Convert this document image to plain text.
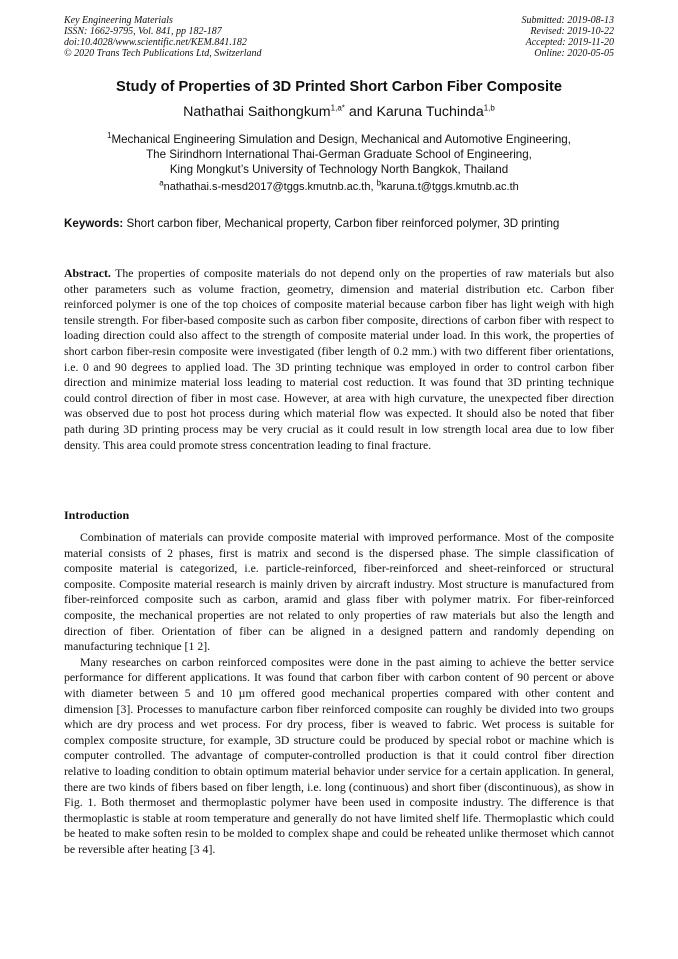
Key Engineering Materials
ISSN: 1662-9795, Vol. 841, pp 182-187
doi:10.4028/www.scientific.net/KEM.841.182
© 2020 Trans Tech Publications Ltd, Switzerland
Submitted: 2019-08-13
Revised: 2019-10-22
Accepted: 2019-11-20
Online: 2020-05-05
Study of Properties of 3D Printed Short Carbon Fiber Composite
Nathathai Saithongkum$^{1,a*}$ and Karuna Tuchinda$^{1,b}$
$^1$Mechanical Engineering Simulation and Design, Mechanical and Automotive Engineering,
The Sirindhorn International Thai-German Graduate School of Engineering,
King Mongkut’s University of Technology North Bangkok, Thailand
$^a$nathathai.s-mesd2017@tggs.kmutnb.ac.th, $^b$karuna.t@tggs.kmutnb.ac.th
Keywords: Short carbon fiber, Mechanical property, Carbon fiber reinforced polymer, 3D printing
Abstract. The properties of composite materials do not depend only on the properties of raw materials but also other parameters such as volume fraction, geometry, dimension and material distribution etc. Carbon fiber reinforced polymer is one of the top choices of composite material because carbon fiber has light weigh with high tensile strength. For fiber-based composite such as carbon fiber composite, directions of carbon fiber with respect to loading direction could also affect to the strength of composite material under load. In this work, the properties of short carbon fiber-resin composite were investigated (fiber length of 0.2 mm.) with two different fiber orientations, i.e. 0 and 90 degrees to applied load. The 3D printing technique was employed in order to control carbon fiber direction and minimize material loss leading to material cost reduction. It was found that 3D printing technique could control direction of fiber in most case. However, at area with high curvature, the unexpected fiber direction was observed due to post hot process during which material flow was expected. It should also be noted that fiber path during 3D printing process may be very crucial as it could result in low strength local area due to low fiber density. This area could promote stress concentration leading to final fracture.
Introduction

Combination of materials can provide composite material with improved performance. Most of the composite material consists of 2 phases, first is matrix and second is the dispersed phase. The simple classification of composite material is categorized, i.e. particle-reinforced, fiber-reinforced and sheet-reinforced or structural composite. Composite material research is mainly driven by aircraft industry. Most structure is manufactured from fiber-reinforced composite such as carbon, aramid and glass fiber with polymer matrix. For fiber-reinforced composite, the mechanical properties are not related to only properties of raw materials but also the length and direction of fiber. Orientation of fiber can be aligned in a designed pattern and randomly depending on manufacturing technique [1 2].

Many researches on carbon reinforced composites were done in the past aiming to achieve the better service performance for different applications. It was found that carbon fiber with carbon content of 90 percent or above with diameter between 5 and 10 µm offered good mechanical properties compared with other content and dimension [3]. Processes to manufacture carbon fiber reinforced composite can roughly be divided into two groups which are dry process and wet process. For dry process, fiber is weaved to fabric. Wet process is suitable for complex composite structure, for example, 3D structure could be produced by special robot or machine which is computer controlled. The advantage of computer-controlled production is that it could control fiber direction relative to loading condition to obtain optimum material behavior under service for a certain application. In general, there are two kinds of fibers based on fiber length, i.e. long (continuous) and short fiber (discontinuous), as show in Fig. 1. Both thermoset and thermoplastic polymer have been used in composite industry. The difference is that thermoplastic is stable at room temperature and generally do not have limited shelf life. Thermoplastic which could be heated to make soften resin to be molded to complex shape and could be reheated unlike thermoset which cannot be reversible after heating [3 4].
